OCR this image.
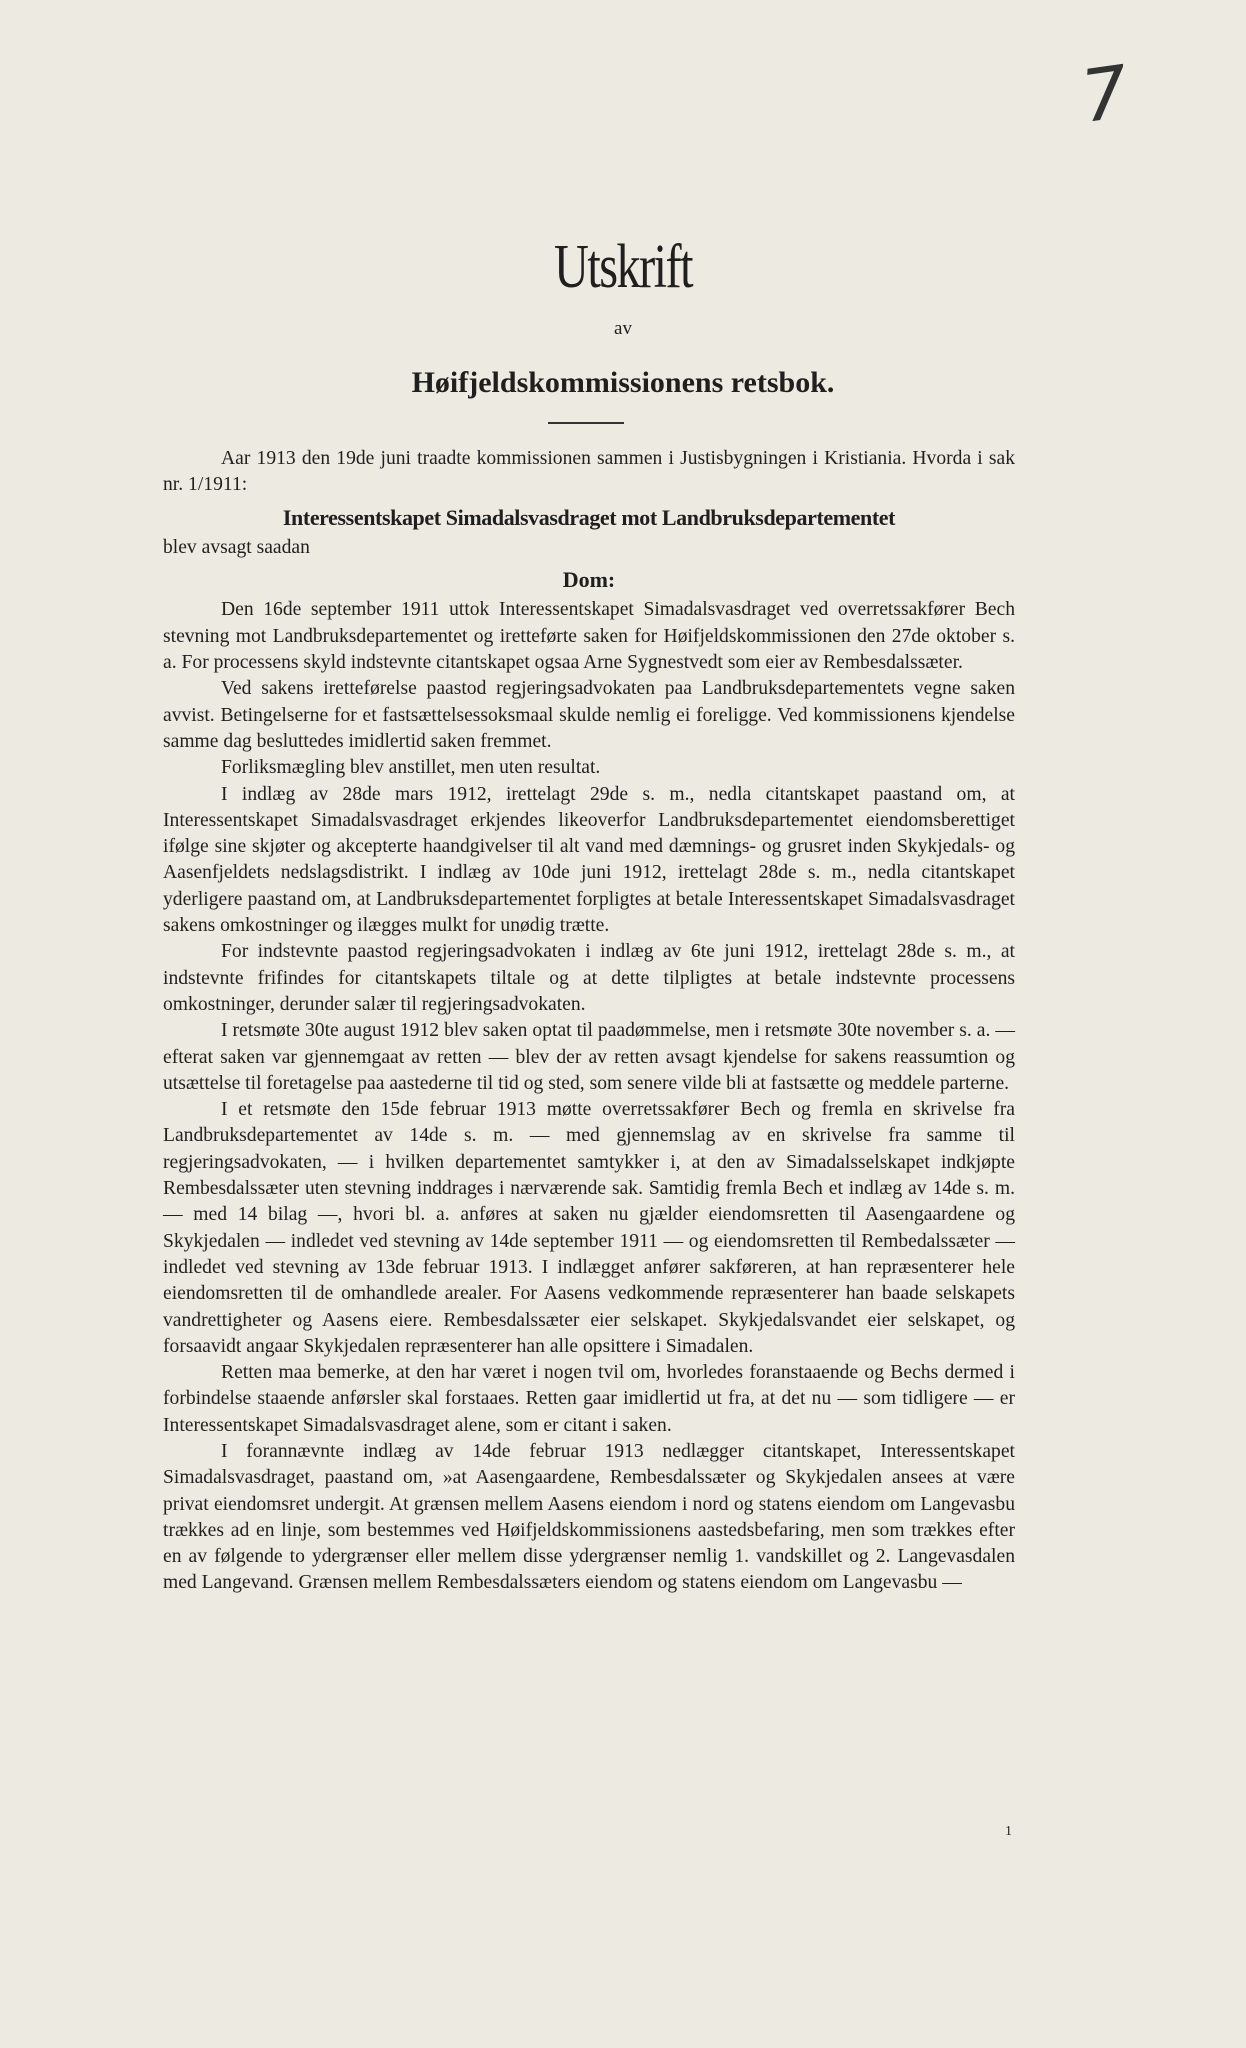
7
Utskrift
av
Høifjeldskommissionens retsbok.

Aar 1913 den 19de juni traadte kommissionen sammen i Justisbygningen i Kristiania. Hvorda i sak nr. 1/1911:

Interessentskapet Simadalsvasdraget mot Landbruksdepartementet

blev avsagt saadan

Dom:

Den 16de september 1911 uttok Interessentskapet Simadalsvasdraget ved overretssakfører Bech stevning mot Landbruksdepartementet og iretteførte saken for Høifjeldskommissionen den 27de oktober s. a. For processens skyld indstevnte citantskapet ogsaa Arne Sygnestvedt som eier av Rembesdalssæter.

Ved sakens iretteførelse paastod regjeringsadvokaten paa Landbruksdepartementets vegne saken avvist. Betingelserne for et fastsættelsessoksmaal skulde nemlig ei foreligge. Ved kommissionens kjendelse samme dag besluttedes imidlertid saken fremmet.

Forliksmægling blev anstillet, men uten resultat.

I indlæg av 28de mars 1912, irettelagt 29de s. m., nedla citantskapet paastand om, at Interessentskapet Simadalsvasdraget erkjendes likeoverfor Landbruksdepartementet eiendomsberettiget ifølge sine skjøter og akcepterte haandgivelser til alt vand med dæmnings- og grusret inden Skykjedals- og Aasenfjeldets nedslagsdistrikt. I indlæg av 10de juni 1912, irettelagt 28de s. m., nedla citantskapet yderligere paastand om, at Landbruksdepartementet forpligtes at betale Interessentskapet Simadalsvasdraget sakens omkostninger og ilægges mulkt for unødig trætte.

For indstevnte paastod regjeringsadvokaten i indlæg av 6te juni 1912, irettelagt 28de s. m., at indstevnte frifindes for citantskapets tiltale og at dette tilpligtes at betale indstevnte processens omkostninger, derunder salær til regjeringsadvokaten.

I retsmøte 30te august 1912 blev saken optat til paadømmelse, men i retsmøte 30te november s. a. — efterat saken var gjennemgaat av retten — blev der av retten avsagt kjendelse for sakens reassumtion og utsættelse til foretagelse paa aastederne til tid og sted, som senere vilde bli at fastsætte og meddele parterne.

I et retsmøte den 15de februar 1913 møtte overretssakfører Bech og fremla en skrivelse fra Landbruksdepartementet av 14de s. m. — med gjennemslag av en skrivelse fra samme til regjeringsadvokaten, — i hvilken departementet samtykker i, at den av Simadalsselskapet indkjøpte Rembesdalssæter uten stevning inddrages i nærværende sak. Samtidig fremla Bech et indlæg av 14de s. m. — med 14 bilag —, hvori bl. a. anføres at saken nu gjælder eiendomsretten til Aasengaardene og Skykjedalen — indledet ved stevning av 14de september 1911 — og eiendomsretten til Rembedalssæter — indledet ved stevning av 13de februar 1913. I indlægget anfører sakføreren, at han repræsenterer hele eiendomsretten til de omhandlede arealer. For Aasens vedkommende repræsenterer han baade selskapets vandrettigheter og Aasens eiere. Rembesdalssæter eier selskapet. Skykjedalsvandet eier selskapet, og forsaavidt angaar Skykjedalen repræsenterer han alle opsittere i Simadalen.

Retten maa bemerke, at den har været i nogen tvil om, hvorledes foranstaaende og Bechs dermed i forbindelse staaende anførsler skal forstaaes. Retten gaar imidlertid ut fra, at det nu — som tidligere — er Interessentskapet Simadalsvasdraget alene, som er citant i saken.

I forannævnte indlæg av 14de februar 1913 nedlægger citantskapet, Interessentskapet Simadalsvasdraget, paastand om, »at Aasengaardene, Rembesdalssæter og Skykjedalen ansees at være privat eiendomsret undergit. At grænsen mellem Aasens eiendom i nord og statens eiendom om Langevasbu trækkes ad en linje, som bestemmes ved Høifjeldskommissionens aastedsbefaring, men som trækkes efter en av følgende to ydergrænser eller mellem disse ydergrænser nemlig 1. vandskillet og 2. Langevasdalen med Langevand. Grænsen mellem Rembesdalssæters eiendom og statens eiendom om Langevasbu —

1
